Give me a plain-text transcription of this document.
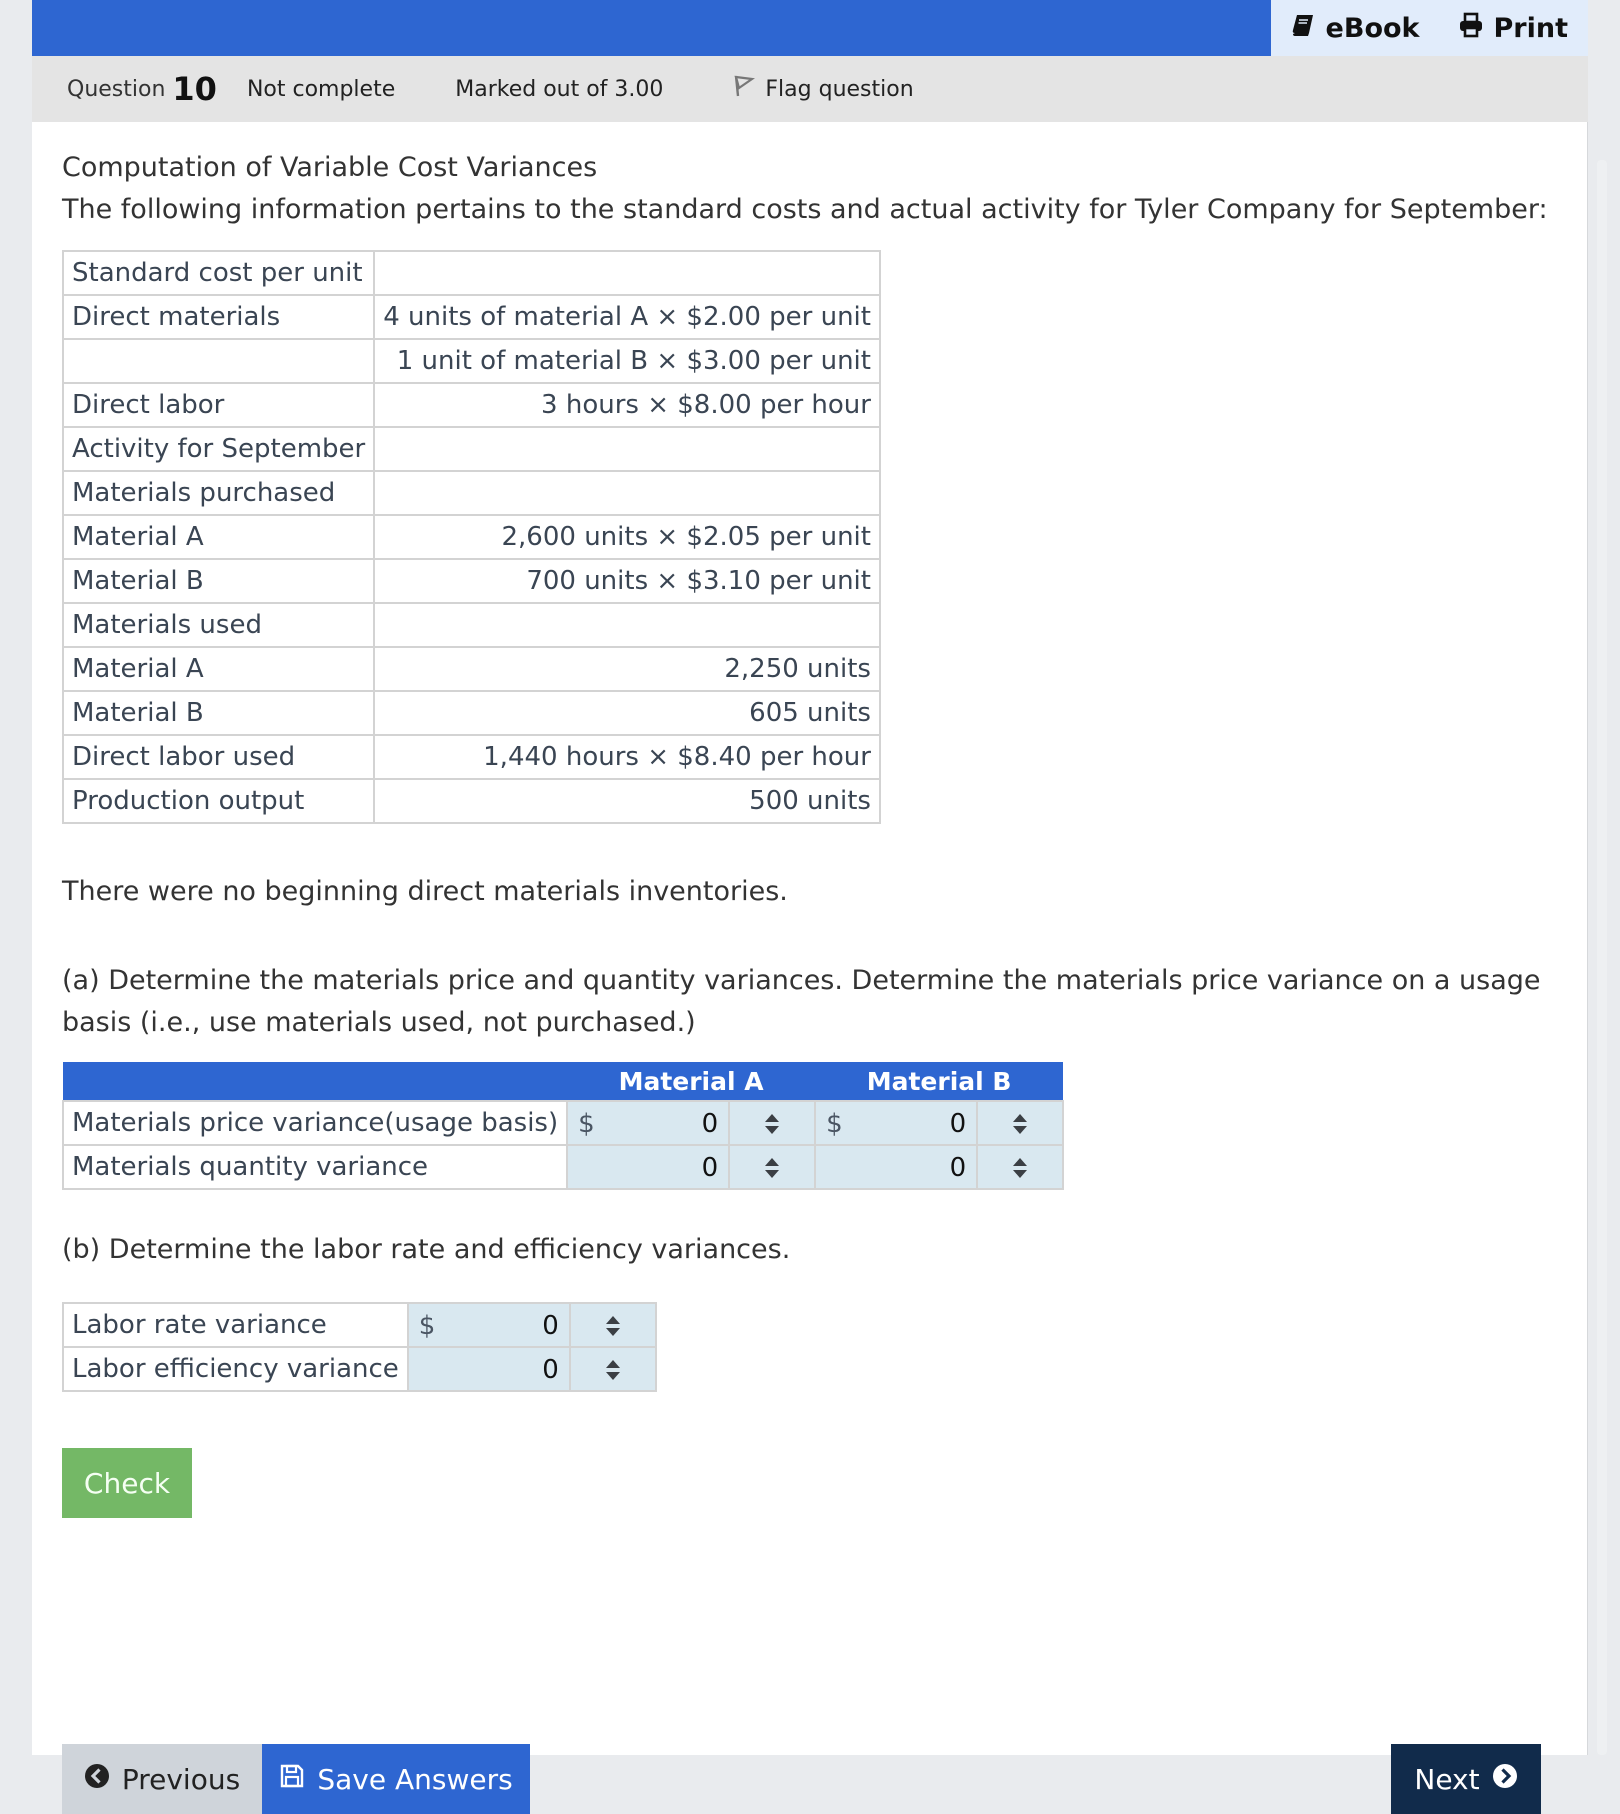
eBook	Print
Question 10 Not complete	Marked out of 3.00	Flag question
Computation of Variable Cost Variances
The following information pertains to the standard costs and actual activity for Tyler Company for September:
Standard cost per unit	
Direct materials	4 units of material A × $2.00 per unit
	1 unit of material B × $3.00 per unit
Direct labor	3 hours × $8.00 per hour
Activity for September	
Materials purchased	
Material A	2,600 units × $2.05 per unit
Material B	700 units × $3.10 per unit
Materials used	
Material A	2,250 units
Material B	605 units
Direct labor used	1,440 hours × $8.40 per hour
Production output	500 units
There were no beginning direct materials inventories.
(a) Determine the materials price and quantity variances. Determine the materials price variance on a usage basis (i.e., use materials used, not purchased.)
	Material A		Material B	
Materials price variance(usage basis)	$ 0		$ 0

Materials quantity variance	0		0

(b) Determine the labor rate and efficiency variances.
Labor rate variance	$ 0

Labor efficiency variance	0

Check
Previous	Save Answers	Next
